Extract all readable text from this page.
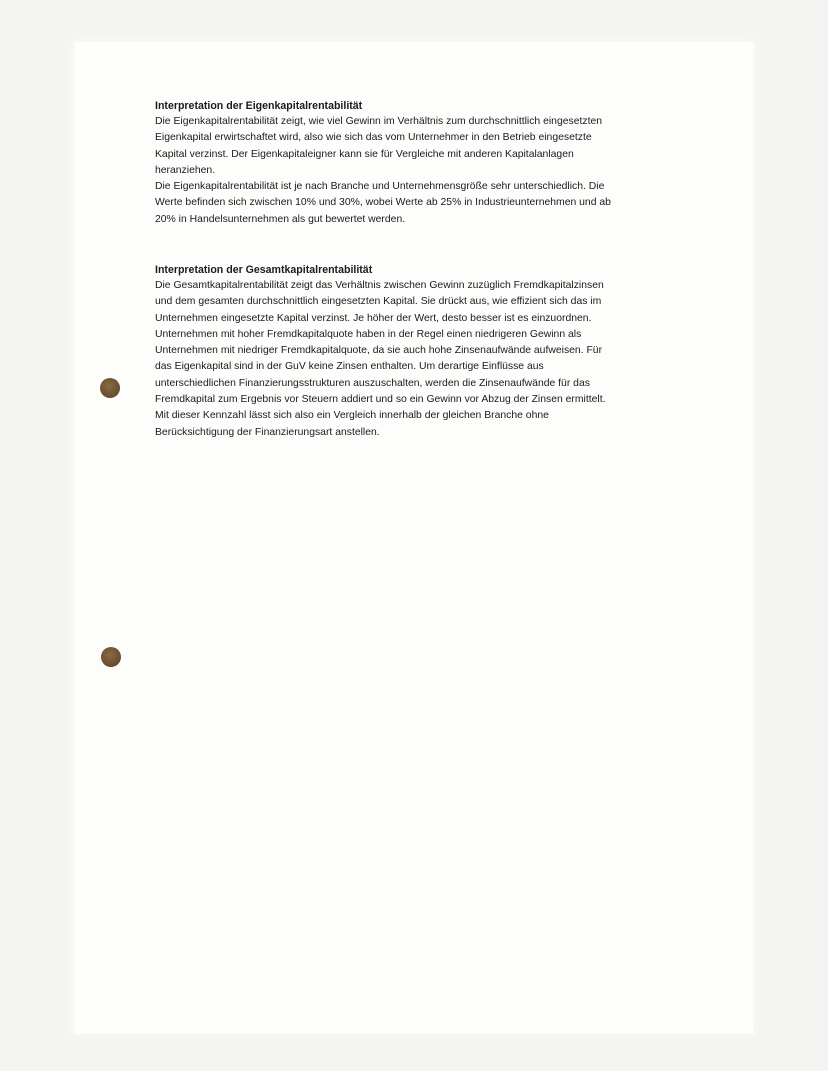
Interpretation der Eigenkapitalrentabilität

Die Eigenkapitalrentabilität zeigt, wie viel Gewinn im Verhältnis zum durchschnittlich eingesetzten

Eigenkapital erwirtschaftet wird, also wie sich das vom Unternehmer in den Betrieb eingesetzte

Kapital verzinst. Der Eigenkapitaleigner kann sie für Vergleiche mit anderen Kapitalanlagen

heranziehen.

Die Eigenkapitalrentabilität ist je nach Branche und Unternehmensgröße sehr unterschiedlich. Die

Werte befinden sich zwischen 10% und 30%, wobei Werte ab 25% in Industrieunternehmen und ab

20% in Handelsunternehmen als gut bewertet werden.

Interpretation der Gesamtkapitalrentabilität

Die Gesamtkapitalrentabilität zeigt das Verhältnis zwischen Gewinn zuzüglich Fremdkapitalzinsen

und dem gesamten durchschnittlich eingesetzten Kapital. Sie drückt aus, wie effizient sich das im

Unternehmen eingesetzte Kapital verzinst. Je höher der Wert, desto besser ist es einzuordnen.

Unternehmen mit hoher Fremdkapitalquote haben in der Regel einen niedrigeren Gewinn als

Unternehmen mit niedriger Fremdkapitalquote, da sie auch hohe Zinsenaufwände aufweisen. Für

das Eigenkapital sind in der GuV keine Zinsen enthalten. Um derartige Einflüsse aus

unterschiedlichen Finanzierungsstrukturen auszuschalten, werden die Zinsenaufwände für das

Fremdkapital zum Ergebnis vor Steuern addiert und so ein Gewinn vor Abzug der Zinsen ermittelt.

Mit dieser Kennzahl lässt sich also ein Vergleich innerhalb der gleichen Branche ohne

Berücksichtigung der Finanzierungsart anstellen.
